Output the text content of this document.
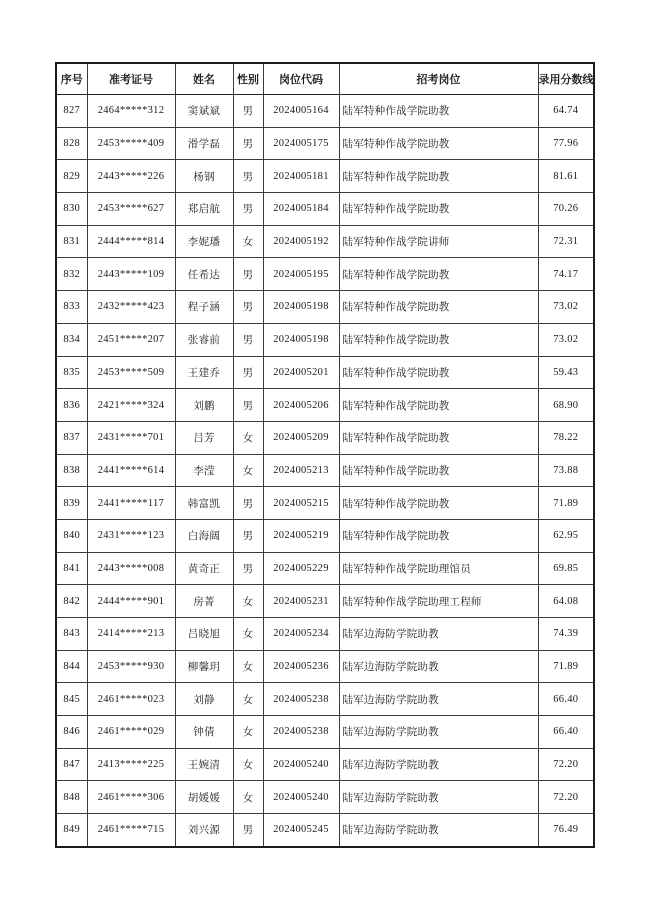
序号	准考证号	姓名	性别	岗位代码	招考岗位	录用分数线
827	2464*****312	窦斌斌	男	2024005164	陆军特种作战学院助教	64.74
828	2453*****409	滑学磊	男	2024005175	陆军特种作战学院助教	77.96
829	2443*****226	杨钢	男	2024005181	陆军特种作战学院助教	81.61
830	2453*****627	郑启航	男	2024005184	陆军特种作战学院助教	70.26
831	2444*****814	李妮璠	女	2024005192	陆军特种作战学院讲师	72.31
832	2443*****109	任希达	男	2024005195	陆军特种作战学院助教	74.17
833	2432*****423	程子涵	男	2024005198	陆军特种作战学院助教	73.02
834	2451*****207	张睿前	男	2024005198	陆军特种作战学院助教	73.02
835	2453*****509	王建乔	男	2024005201	陆军特种作战学院助教	59.43
836	2421*****324	刘鹏	男	2024005206	陆军特种作战学院助教	68.90
837	2431*****701	吕芳	女	2024005209	陆军特种作战学院助教	78.22
838	2441*****614	李滢	女	2024005213	陆军特种作战学院助教	73.88
839	2441*****117	韩富凯	男	2024005215	陆军特种作战学院助教	71.89
840	2431*****123	白海阔	男	2024005219	陆军特种作战学院助教	62.95
841	2443*****008	黄奇正	男	2024005229	陆军特种作战学院助理馆员	69.85
842	2444*****901	房菁	女	2024005231	陆军特种作战学院助理工程师	64.08
843	2414*****213	吕晓旭	女	2024005234	陆军边海防学院助教	74.39
844	2453*****930	柳馨玥	女	2024005236	陆军边海防学院助教	71.89
845	2461*****023	刘静	女	2024005238	陆军边海防学院助教	66.40
846	2461*****029	钟倩	女	2024005238	陆军边海防学院助教	66.40
847	2413*****225	王婉清	女	2024005240	陆军边海防学院助教	72.20
848	2461*****306	胡媛媛	女	2024005240	陆军边海防学院助教	72.20
849	2461*****715	刘兴源	男	2024005245	陆军边海防学院助教	76.49
